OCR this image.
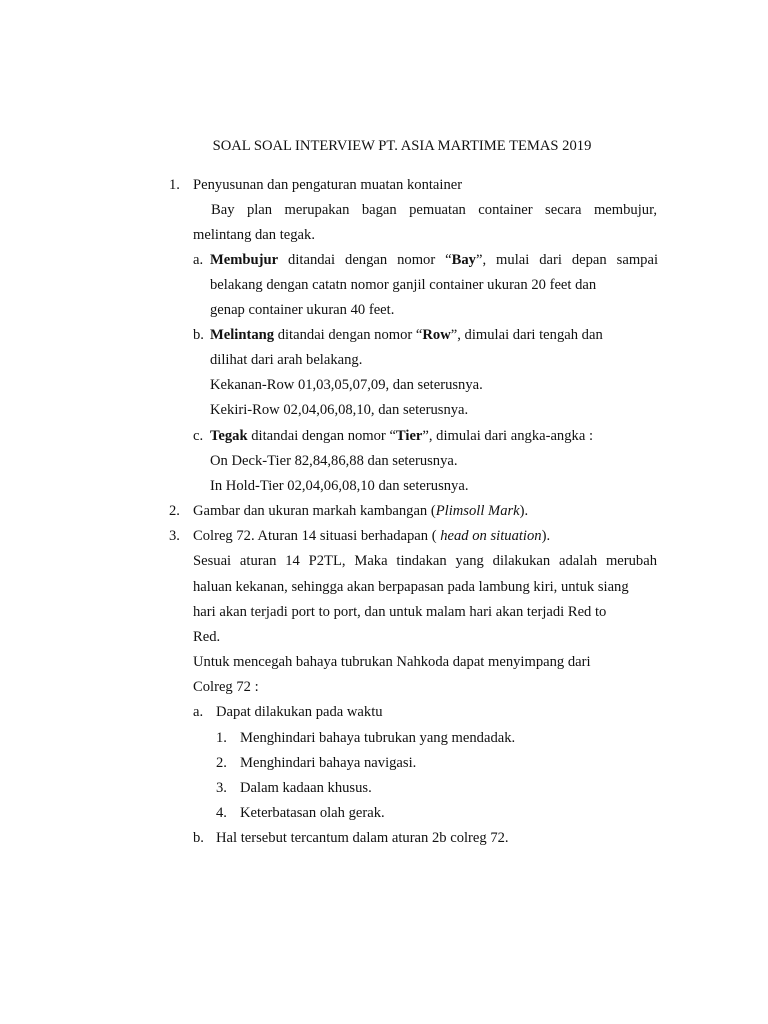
SOAL SOAL INTERVIEW PT. ASIA MARTIME TEMAS 2019
1. Penyusunan dan pengaturan muatan kontainer
Bay plan merupakan bagan pemuatan container secara membujur,
melintang dan tegak.
a. Membujur ditandai dengan nomor “Bay”, mulai dari depan sampai
belakang dengan catatn nomor ganjil container ukuran 20 feet dan
genap container ukuran 40 feet.
b. Melintang ditandai dengan nomor “Row”, dimulai dari tengah dan
dilihat dari arah belakang.
Kekanan-Row 01,03,05,07,09, dan seterusnya.
Kekiri-Row 02,04,06,08,10, dan seterusnya.
c. Tegak ditandai dengan nomor “Tier”, dimulai dari angka-angka :
On Deck-Tier 82,84,86,88 dan seterusnya.
In Hold-Tier 02,04,06,08,10 dan seterusnya.
2. Gambar dan ukuran markah kambangan (Plimsoll Mark).
3. Colreg 72. Aturan 14 situasi berhadapan ( head on situation).
Sesuai aturan 14 P2TL, Maka tindakan yang dilakukan adalah merubah
haluan kekanan, sehingga akan berpapasan pada lambung kiri, untuk siang
hari akan terjadi port to port, dan untuk malam hari akan terjadi Red to
Red.
Untuk mencegah bahaya tubrukan Nahkoda dapat menyimpang dari
Colreg 72 :
a. Dapat dilakukan pada waktu
1. Menghindari bahaya tubrukan yang mendadak.
2. Menghindari bahaya navigasi.
3. Dalam kadaan khusus.
4. Keterbatasan olah gerak.
b. Hal tersebut tercantum dalam aturan 2b colreg 72.
